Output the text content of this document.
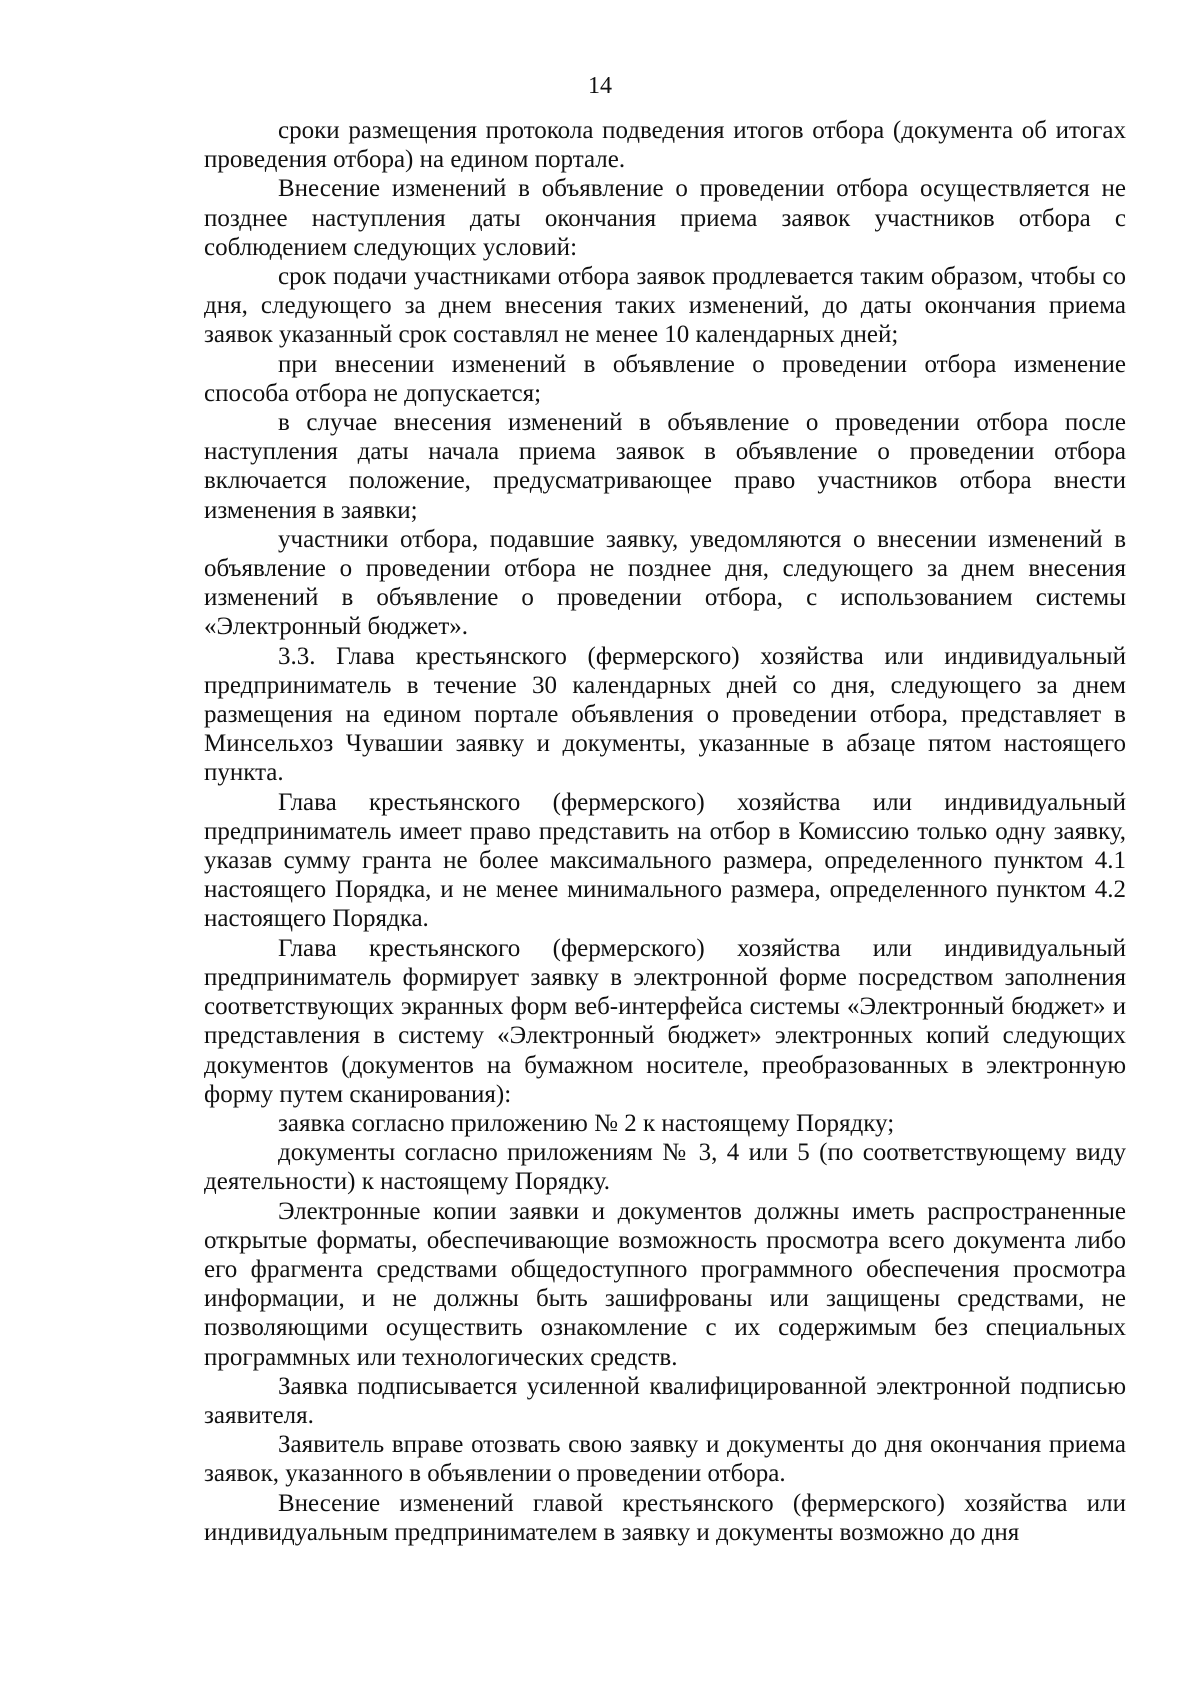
14

сроки размещения протокола подведения итогов отбора (документа об итогах проведения отбора) на едином портале.

Внесение изменений в объявление о проведении отбора осуществляется не позднее наступления даты окончания приема заявок участников отбора с соблюдением следующих условий:

срок подачи участниками отбора заявок продлевается таким образом, чтобы со дня, следующего за днем внесения таких изменений, до даты окончания приема заявок указанный срок составлял не менее 10 календарных дней;

при внесении изменений в объявление о проведении отбора изменение способа отбора не допускается;

в случае внесения изменений в объявление о проведении отбора после наступления даты начала приема заявок в объявление о проведении отбора включается положение, предусматривающее право участников отбора внести изменения в заявки;

участники отбора, подавшие заявку, уведомляются о внесении изменений в объявление о проведении отбора не позднее дня, следующего за днем внесения изменений в объявление о проведении отбора, с использованием системы «Электронный бюджет».

3.3. Глава крестьянского (фермерского) хозяйства или индивидуальный предприниматель в течение 30 календарных дней со дня, следующего за днем размещения на едином портале объявления о проведении отбора, представляет в Минсельхоз Чувашии заявку и документы, указанные в абзаце пятом настоящего пункта.

Глава крестьянского (фермерского) хозяйства или индивидуальный предприниматель имеет право представить на отбор в Комиссию только одну заявку, указав сумму гранта не более максимального размера, определенного пунктом 4.1 настоящего Порядка, и не менее минимального размера, определенного пунктом 4.2 настоящего Порядка.

Глава крестьянского (фермерского) хозяйства или индивидуальный предприниматель формирует заявку в электронной форме посредством заполнения соответствующих экранных форм веб-интерфейса системы «Электронный бюджет» и представления в систему «Электронный бюджет» электронных копий следующих документов (документов на бумажном носителе, преобразованных в электронную форму путем сканирования):

заявка согласно приложению № 2 к настоящему Порядку;

документы согласно приложениям № 3, 4 или 5 (по соответствующему виду деятельности) к настоящему Порядку.

Электронные копии заявки и документов должны иметь распространенные открытые форматы, обеспечивающие возможность просмотра всего документа либо его фрагмента средствами общедоступного программного обеспечения просмотра информации, и не должны быть зашифрованы или защищены средствами, не позволяющими осуществить ознакомление с их содержимым без специальных программных или технологических средств.

Заявка подписывается усиленной квалифицированной электронной подписью заявителя.

Заявитель вправе отозвать свою заявку и документы до дня окончания приема заявок, указанного в объявлении о проведении отбора.

Внесение изменений главой крестьянского (фермерского) хозяйства или индивидуальным предпринимателем в заявку и документы возможно до дня
